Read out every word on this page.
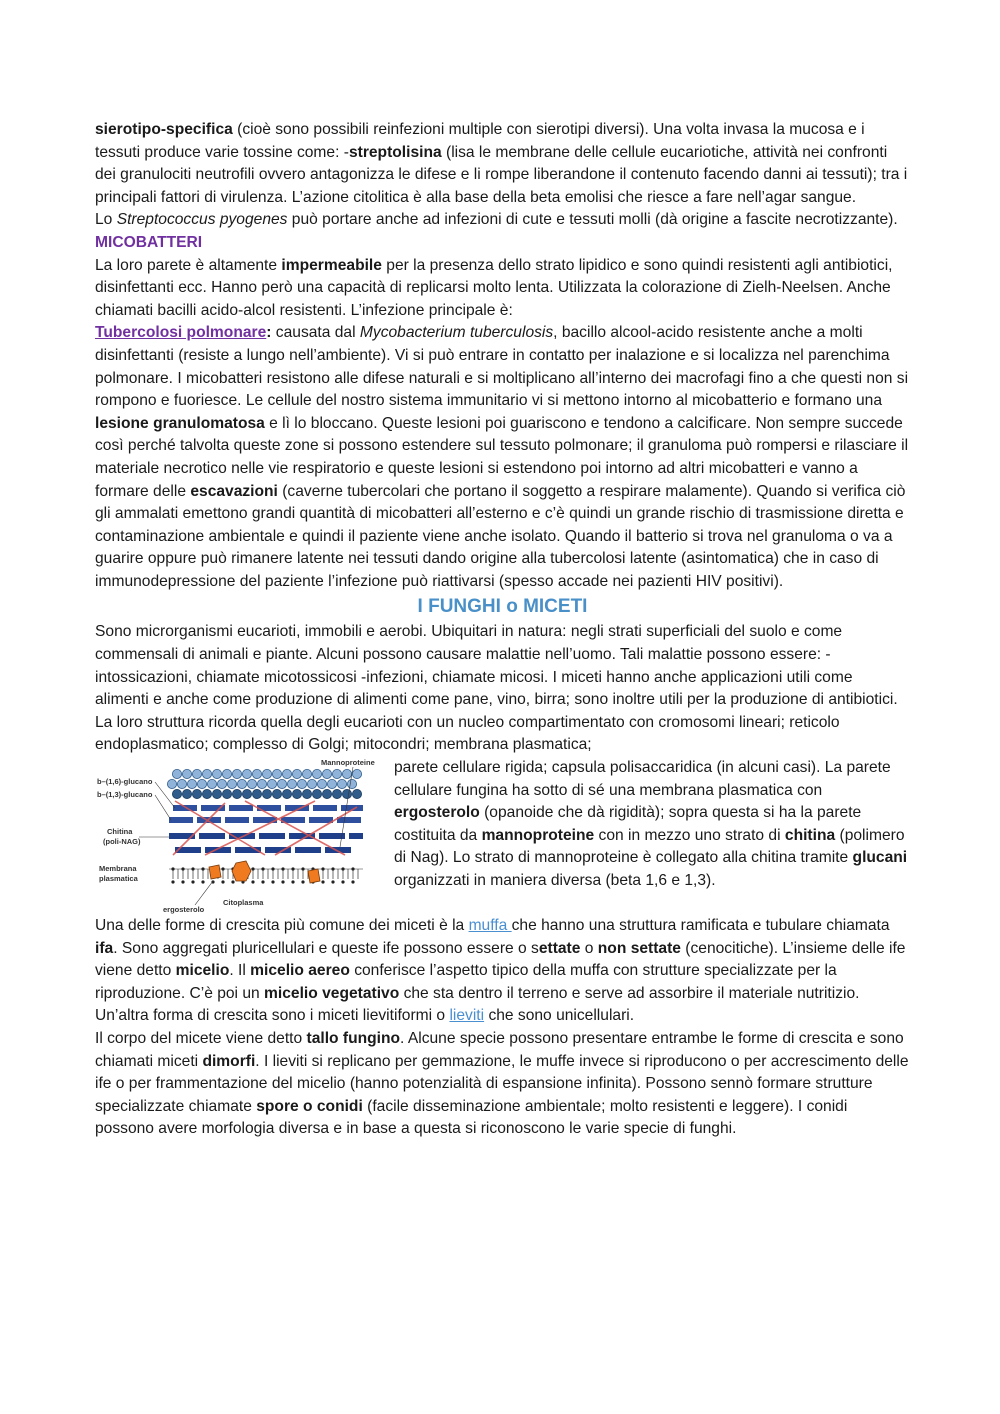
sierotipo-specifica (cioè sono possibili reinfezioni multiple con sierotipi diversi). Una volta invasa la mucosa e i tessuti produce varie tossine come: -streptolisina (lisa le membrane delle cellule eucariotiche, attività nei confronti dei granulociti neutrofili ovvero antagonizza le difese e li rompe liberandone il contenuto facendo danni ai tessuti); tra i principali fattori di virulenza. L’azione citolitica è alla base della beta emolisi che riesce a fare nell’agar sangue.

Lo Streptococcus pyogenes può portare anche ad infezioni di cute e tessuti molli (dà origine a fascite necrotizzante).

MICOBATTERI

La loro parete è altamente impermeabile per la presenza dello strato lipidico e sono quindi resistenti agli antibiotici, disinfettanti ecc. Hanno però una capacità di replicarsi molto lenta. Utilizzata la colorazione di Zielh-Neelsen. Anche chiamati bacilli acido-alcol resistenti. L’infezione principale è:

Tubercolosi polmonare: causata dal Mycobacterium tuberculosis, bacillo alcool-acido resistente anche a molti disinfettanti (resiste a lungo nell’ambiente). Vi si può entrare in contatto per inalazione e si localizza nel parenchima polmonare. I micobatteri resistono alle difese naturali e si moltiplicano all’interno dei macrofagi fino a che questi non si rompono e fuoriesce. Le cellule del nostro sistema immunitario vi si mettono intorno al micobatterio e formano una lesione granulomatosa e lì lo bloccano. Queste lesioni poi guariscono e tendono a calcificare. Non sempre succede così perché talvolta queste zone si possono estendere sul tessuto polmonare; il granuloma può rompersi e rilasciare il materiale necrotico nelle vie respiratorio e queste lesioni si estendono poi intorno ad altri micobatteri e vanno a formare delle escavazioni (caverne tubercolari che portano il soggetto a respirare malamente). Quando si verifica ciò gli ammalati emettono grandi quantità di micobatteri all’esterno e c’è quindi un grande rischio di trasmissione diretta e contaminazione ambientale e quindi il paziente viene anche isolato. Quando il batterio si trova nel granuloma o va a guarire oppure può rimanere latente nei tessuti dando origine alla tubercolosi latente (asintomatica) che in caso di immunodepressione del paziente l’infezione può riattivarsi (spesso accade nei pazienti HIV positivi).

I FUNGHI o MICETI

Sono microrganismi eucarioti, immobili e aerobi. Ubiquitari in natura: negli strati superficiali del suolo e come commensali di animali e piante. Alcuni possono causare malattie nell’uomo. Tali malattie possono essere: -intossicazioni, chiamate micotossicosi -infezioni, chiamate micosi. I miceti hanno anche applicazioni utili come alimenti e anche come produzione di alimenti come pane, vino, birra; sono inoltre utili per la produzione di antibiotici. La loro struttura ricorda quella degli eucarioti con un nucleo compartimentato con cromosomi lineari; reticolo endoplasmatico; complesso di Golgi; mitocondri; membrana plasmatica;

Mannoproteine
b–(1,6)-glucano
b–(1,3)-glucano
Chitina
(poli-NAG)
Membrana
plasmatica
ergosterolo
Citoplasma

parete cellulare rigida; capsula polisaccaridica (in alcuni casi). La parete cellulare fungina ha sotto di sé una membrana plasmatica con ergosterolo (opanoide che dà rigidità); sopra questa si ha la parete costituita da mannoproteine con in mezzo uno strato di chitina (polimero di Nag). Lo strato di mannoproteine è collegato alla chitina tramite glucani organizzati in maniera diversa (beta 1,6 e 1,3).

Una delle forme di crescita più comune dei miceti è la muffa che hanno una struttura ramificata e tubulare chiamata ifa. Sono aggregati pluricellulari e queste ife possono essere o settate o non settate (cenocitiche). L’insieme delle ife viene detto micelio. Il micelio aereo conferisce l’aspetto tipico della muffa con strutture specializzate per la riproduzione. C’è poi un micelio vegetativo che sta dentro il terreno e serve ad assorbire il materiale nutritizio.

Un’altra forma di crescita sono i miceti lievitiformi o lieviti che sono unicellulari.

Il corpo del micete viene detto tallo fungino. Alcune specie possono presentare entrambe le forme di crescita e sono chiamati miceti dimorfi. I lieviti si replicano per gemmazione, le muffe invece si riproducono o per accrescimento delle ife o per frammentazione del micelio (hanno potenzialità di espansione infinita). Possono sennò formare strutture specializzate chiamate spore o conidi (facile disseminazione ambientale; molto resistenti e leggere). I conidi possono avere morfologia diversa e in base a questa si riconoscono le varie specie di funghi.
